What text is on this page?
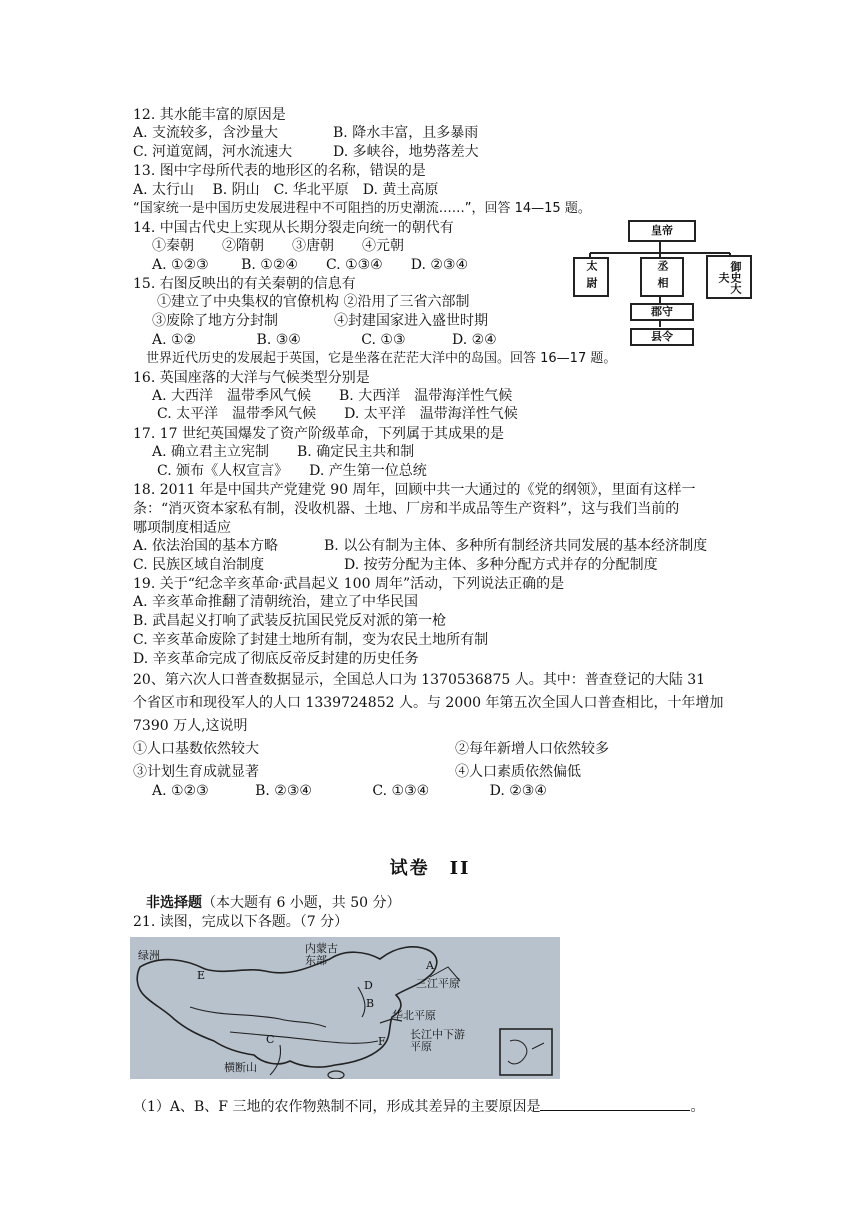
12. 其水能丰富的原因是
A. 支流较多，含沙量大	B. 降水丰富，且多暴雨
C. 河道宽阔，河水流速大	D. 多峡谷，地势落差大
13. 图中字母所代表的地形区的名称，错误的是
A. 太行山　 B. 阴山　C. 华北平原　D. 黄土高原
“国家统一是中国历史发展进程中不可阻挡的历史潮流……”，回答 14—15 题。
14. 中国古代史上实现从长期分裂走向统一的朝代有
①秦朝　　②隋朝　　③唐朝　　④元朝
A. ①②③　　 B. ①②④　　C. ①③④　　D. ②③④
15. 右图反映出的有关秦朝的信息有
①建立了中央集权的官僚机构 ②沿用了三省六部制
③废除了地方分封制　　　　④封建国家进入盛世时期
A. ①②　　　　 B. ③④　　　　 C. ①③　　　 D. ②④
世界近代历史的发展起于英国，它是坐落在茫茫大洋中的岛国。回答 16—17 题。
16. 英国座落的大洋与气候类型分别是
A. 大西洋　温带季风气候　　B. 大西洋　温带海洋性气候
C. 太平洋　温带季风气候　　D. 太平洋　温带海洋性气候
17. 17 世纪英国爆发了资产阶级革命，下列属于其成果的是
A. 确立君主立宪制　　B. 确定民主共和制
C. 颁布《人权宣言》　　D. 产生第一位总统
18. 2011 年是中国共产党建党 90 周年，回顾中共一大通过的《党的纲领》，里面有这样一
条：“消灭资本家私有制，没收机器、土地、厂房和半成品等生产资料”，这与我们当前的
哪项制度相适应
A. 依法治国的基本方略	B. 以公有制为主体、多种所有制经济共同发展的基本经济制度
C. 民族区域自治制度	D. 按劳分配为主体、多种分配方式并存的分配制度
19. 关于“纪念辛亥革命·武昌起义 100 周年”活动，下列说法正确的是
A. 辛亥革命推翻了清朝统治，建立了中华民国
B. 武昌起义打响了武装反抗国民党反对派的第一枪
C. 辛亥革命废除了封建土地所有制，变为农民土地所有制
D. 辛亥革命完成了彻底反帝反封建的历史任务
20、第六次人口普查数据显示，全国总人口为 1370536875 人。其中：普查登记的大陆 31
个省区市和现役军人的人口 1339724852 人。与 2000 年第五次全国人口普查相比，十年增加
7390 万人,这说明
①人口基数依然较大	②每年新增人口依然较多
③计划生育成就显著	④人口素质依然偏低
A. ①②③　　　 B. ②③④　　　　 C. ①③④　　　　 D. ②③④
试卷　II
非选择题（本大题有 6 小题，共 50 分）
21. 读图，完成以下各题。（7 分）
皇帝
太尉	丞相	御史大夫
郡守
县令
绿洲
E
内蒙古东部	A
三江平原
D
B
华北平原
F
长江中下游平原
C
横断山
（1）A、B、F 三地的农作物熟制不同，形成其差异的主要原因是	。
